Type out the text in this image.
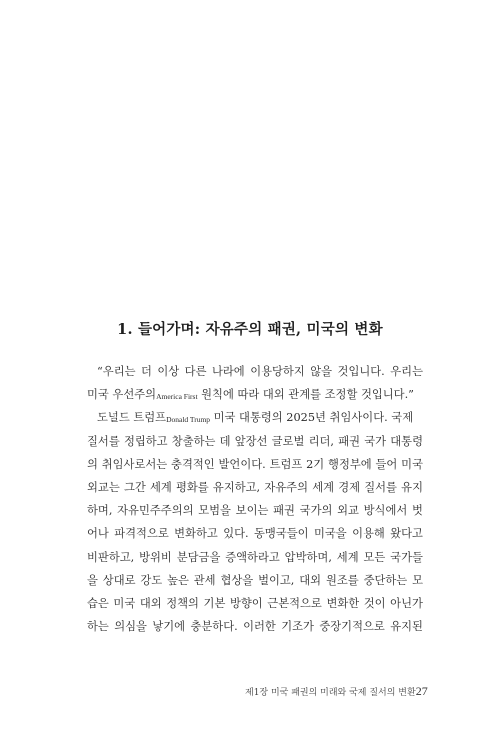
1. 들어가며: 자유주의 패권, 미국의 변화
“우리는 더 이상 다른 나라에 이용당하지 않을 것입니다. 우리는
미국 우선주의America First 원칙에 따라 대외 관계를 조정할 것입니다.”
도널드 트럼프Donald Trump 미국 대통령의 2025년 취임사이다. 국제
질서를 정립하고 창출하는 데 앞장선 글로벌 리더, 패권 국가 대통령
의 취임사로서는 충격적인 발언이다. 트럼프 2기 행정부에 들어 미국
외교는 그간 세계 평화를 유지하고, 자유주의 세계 경제 질서를 유지
하며, 자유민주주의의 모범을 보이는 패권 국가의 외교 방식에서 벗
어나 파격적으로 변화하고 있다. 동맹국들이 미국을 이용해 왔다고
비판하고, 방위비 분담금을 증액하라고 압박하며, 세계 모든 국가들
을 상대로 강도 높은 관세 협상을 벌이고, 대외 원조를 중단하는 모
습은 미국 대외 정책의 기본 방향이 근본적으로 변화한 것이 아닌가
하는 의심을 낳기에 충분하다. 이러한 기조가 중장기적으로 유지된
제1장 미국 패권의 미래와 국제 질서의 변환 27
